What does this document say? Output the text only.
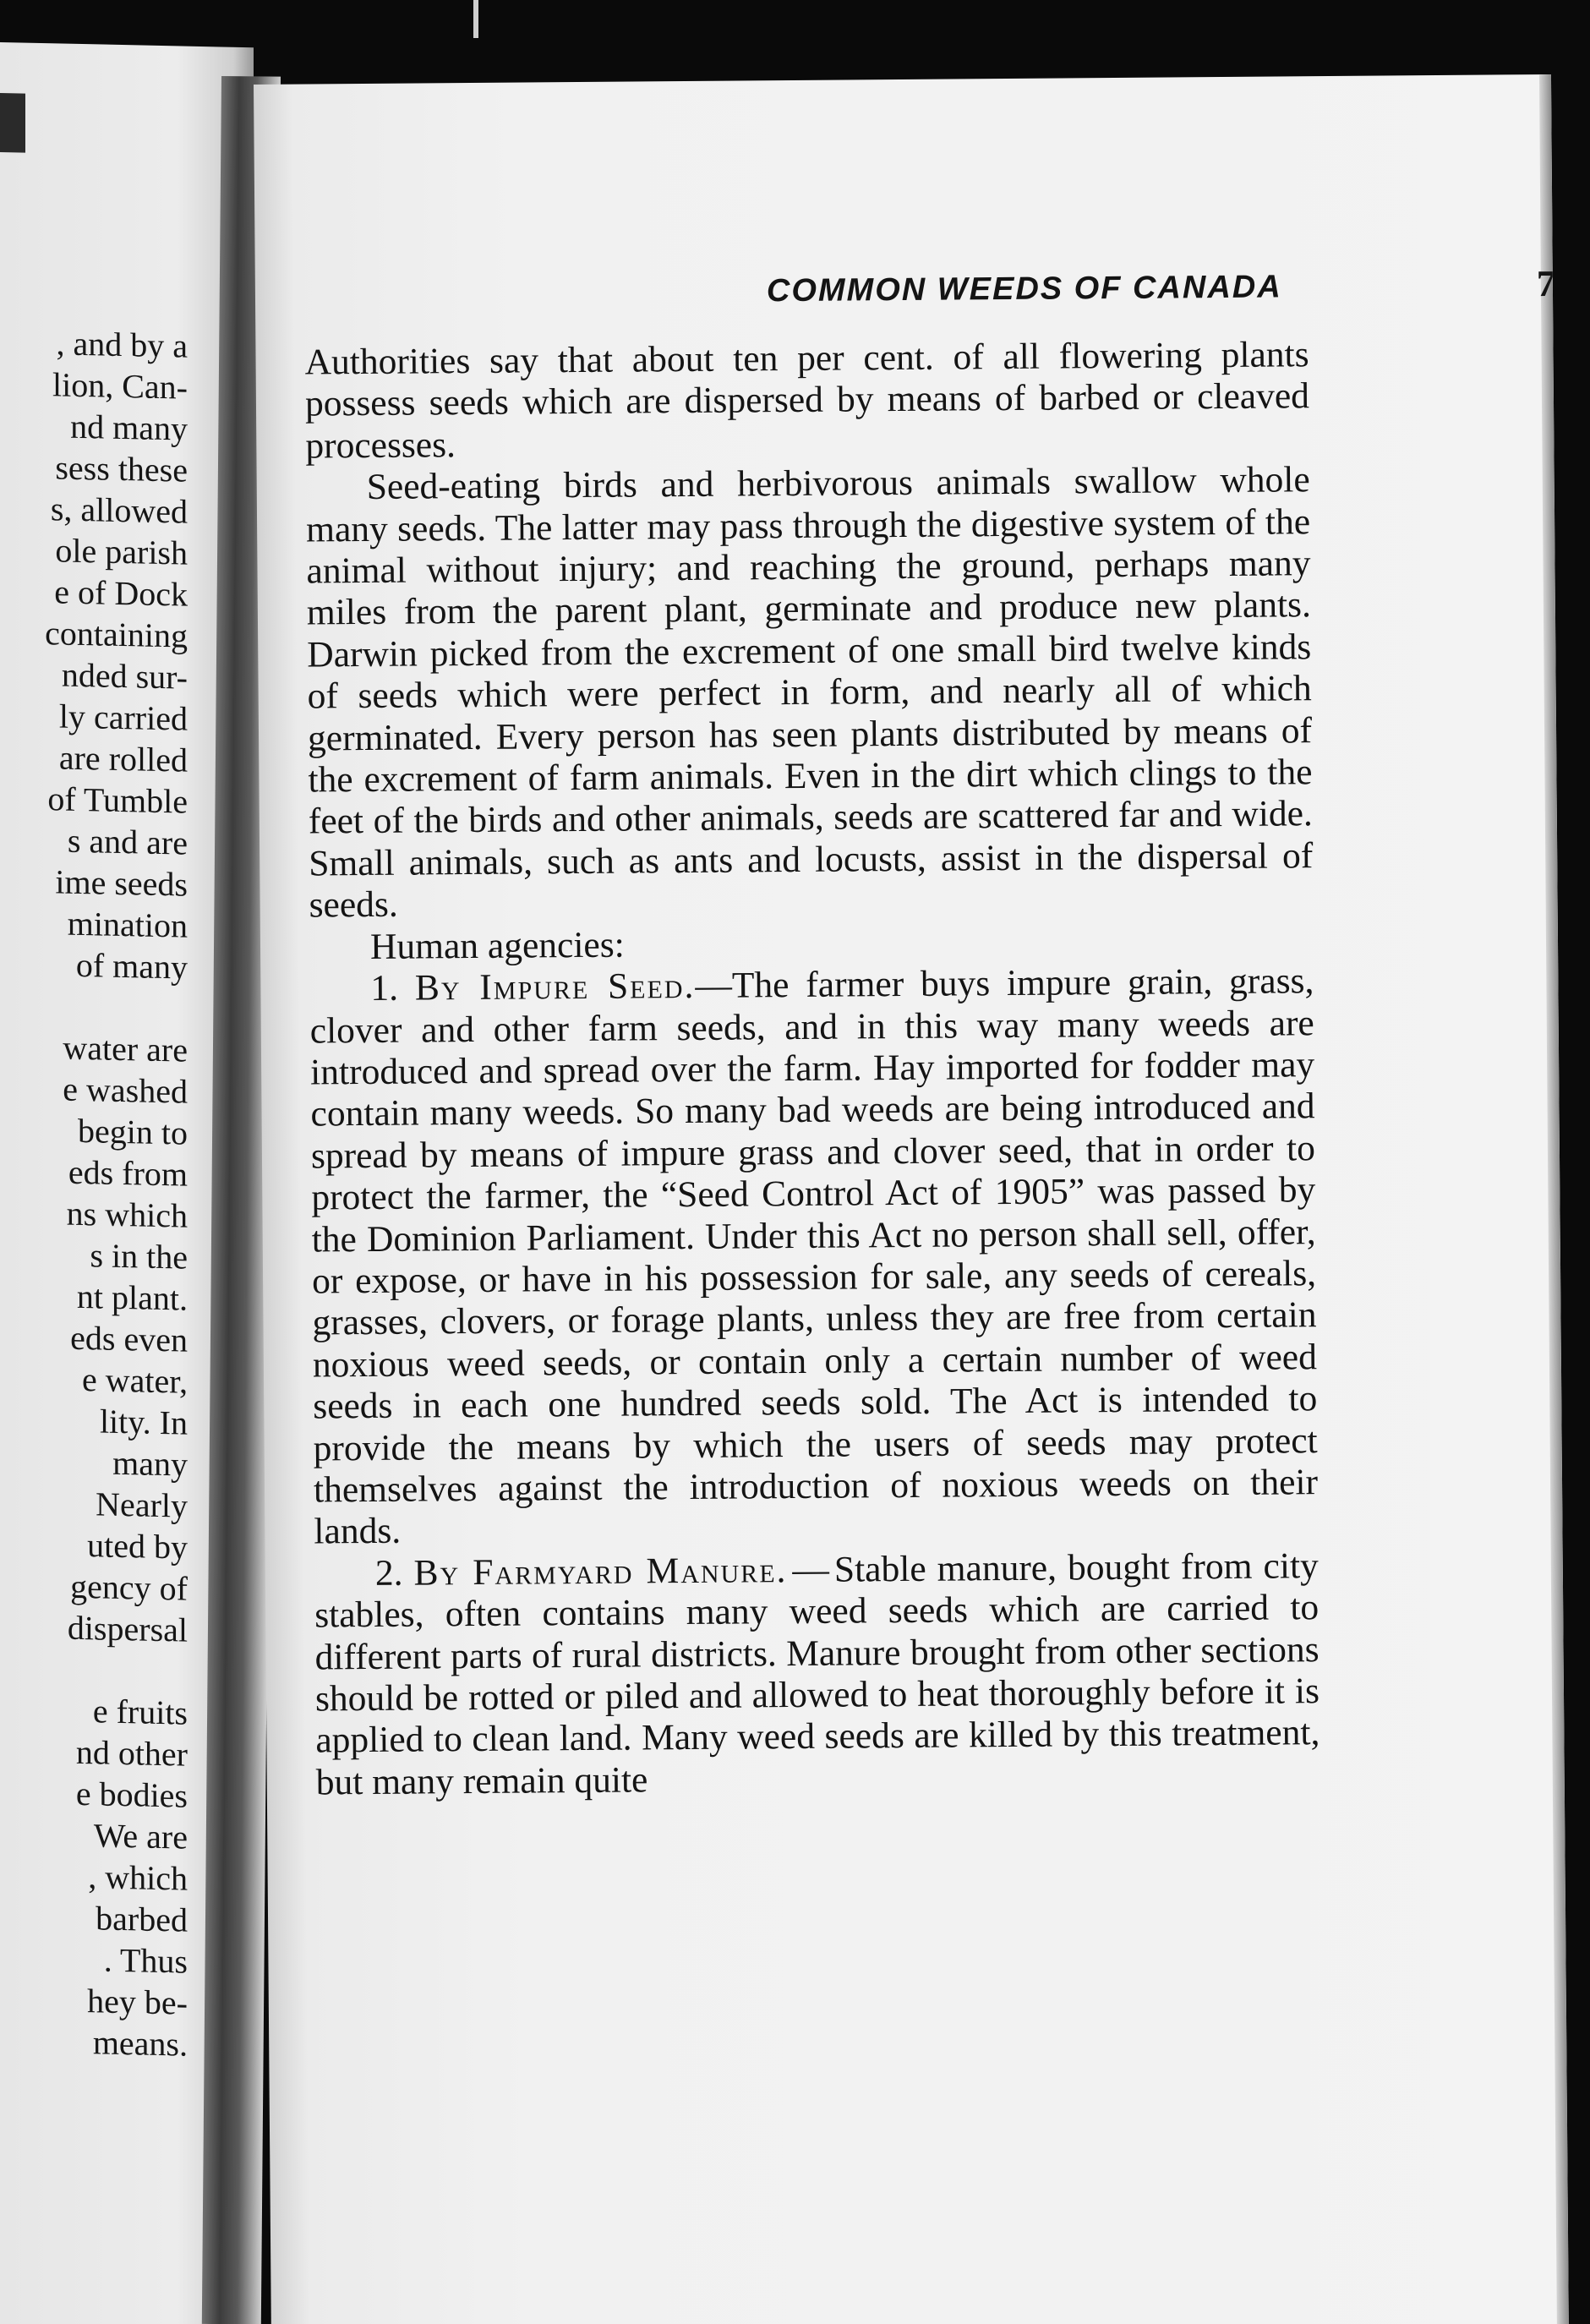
, and by a
lion, Can-
nd many
sess these
s, allowed
ole parish
e of Dock
containing
nded sur-
ly carried
are rolled
of Tumble
s and are
ime seeds
mination
of many
water are
e washed
begin to
eds from
ns which
s in the
nt plant.
eds even
e water,
lity. In
many
Nearly
uted by
gency of
dispersal
e fruits
nd other
e bodies
We are
, which
barbed
. Thus
hey be-
means.
COMMON WEEDS OF CANADA	7

Authorities say that about ten per cent. of all flowering plants possess seeds which are dispersed by means of barbed or cleaved processes.

Seed-eating birds and herbivorous animals swallow whole many seeds. The latter may pass through the digestive system of the animal without injury; and reaching the ground, perhaps many miles from the parent plant, germinate and produce new plants. Darwin picked from the excrement of one small bird twelve kinds of seeds which were perfect in form, and nearly all of which germinated. Every person has seen plants distributed by means of the excrement of farm animals. Even in the dirt which clings to the feet of the birds and other animals, seeds are scattered far and wide. Small animals, such as ants and locusts, assist in the dispersal of seeds.

Human agencies:

1. By Impure Seed.—The farmer buys impure grain, grass, clover and other farm seeds, and in this way many weeds are introduced and spread over the farm. Hay imported for fodder may contain many weeds. So many bad weeds are being introduced and spread by means of impure grass and clover seed, that in order to protect the farmer, the “Seed Control Act of 1905” was passed by the Dominion Parliament. Under this Act no person shall sell, offer, or expose, or have in his possession for sale, any seeds of cereals, grasses, clovers, or forage plants, unless they are free from certain noxious weed seeds, or contain only a certain number of weed seeds in each one hundred seeds sold. The Act is intended to provide the means by which the users of seeds may protect themselves against the introduction of noxious weeds on their lands.

2. By Farmyard Manure. — Stable manure, bought from city stables, often contains many weed seeds which are carried to different parts of rural districts. Manure brought from other sections should be rotted or piled and allowed to heat thoroughly before it is applied to clean land. Many weed seeds are killed by this treatment, but many remain quite
